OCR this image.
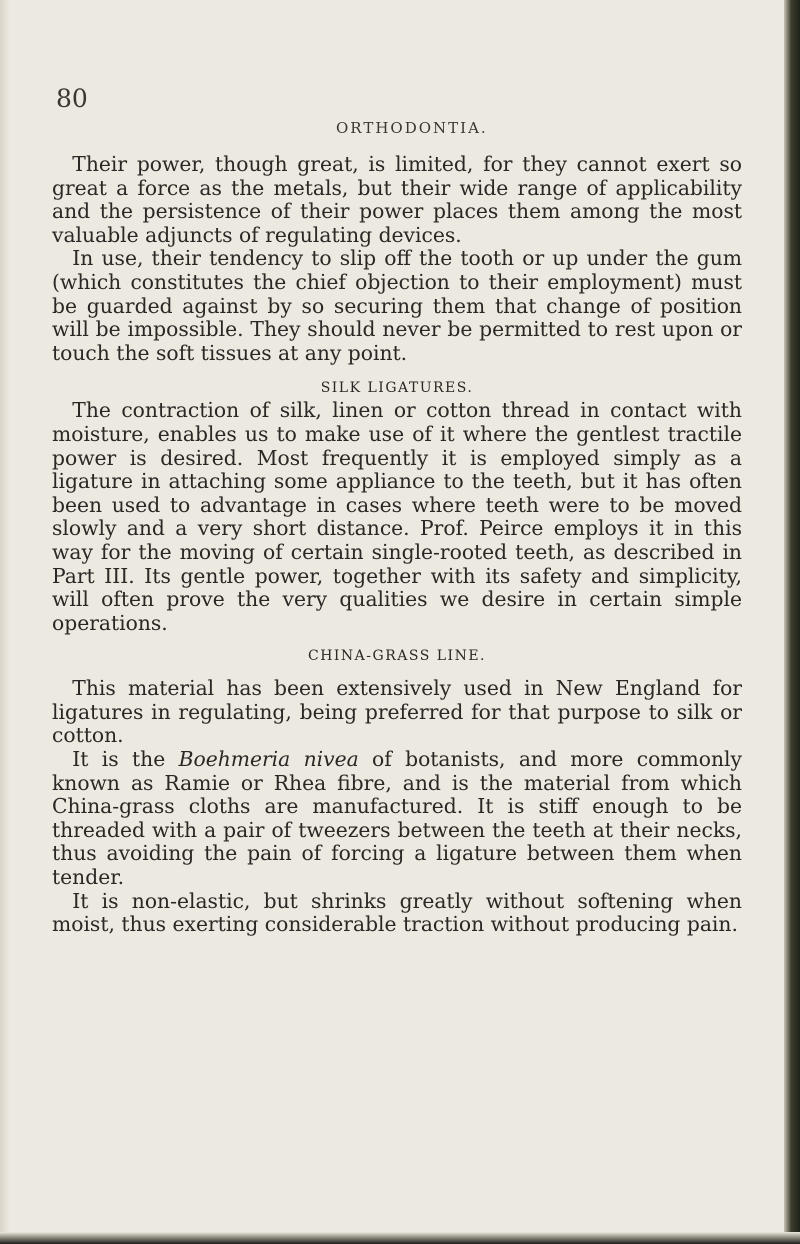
80
ORTHODONTIA.

Their power, though great, is limited, for they cannot exert so great a force as the metals, but their wide range of applicability and the persistence of their power places them among the most valuable adjuncts of regulating devices.

In use, their tendency to slip off the tooth or up under the gum (which constitutes the chief objection to their employment) must be guarded against by so securing them that change of position will be impossible. They should never be permitted to rest upon or touch the soft tissues at any point.

SILK LIGATURES.

The contraction of silk, linen or cotton thread in contact with moisture, enables us to make use of it where the gentlest tractile power is desired. Most frequently it is employed simply as a ligature in attaching some appliance to the teeth, but it has often been used to advantage in cases where teeth were to be moved slowly and a very short distance. Prof. Peirce employs it in this way for the moving of certain single-rooted teeth, as described in Part III. Its gentle power, together with its safety and simplicity, will often prove the very qualities we desire in certain simple operations.

CHINA-GRASS LINE.

This material has been extensively used in New England for ligatures in regulating, being preferred for that purpose to silk or cotton.

It is the Boehmeria nivea of botanists, and more commonly known as Ramie or Rhea fibre, and is the material from which China-grass cloths are manufactured. It is stiff enough to be threaded with a pair of tweezers between the teeth at their necks, thus avoiding the pain of forcing a ligature between them when tender.

It is non-elastic, but shrinks greatly without softening when moist, thus exerting considerable traction without producing pain.
